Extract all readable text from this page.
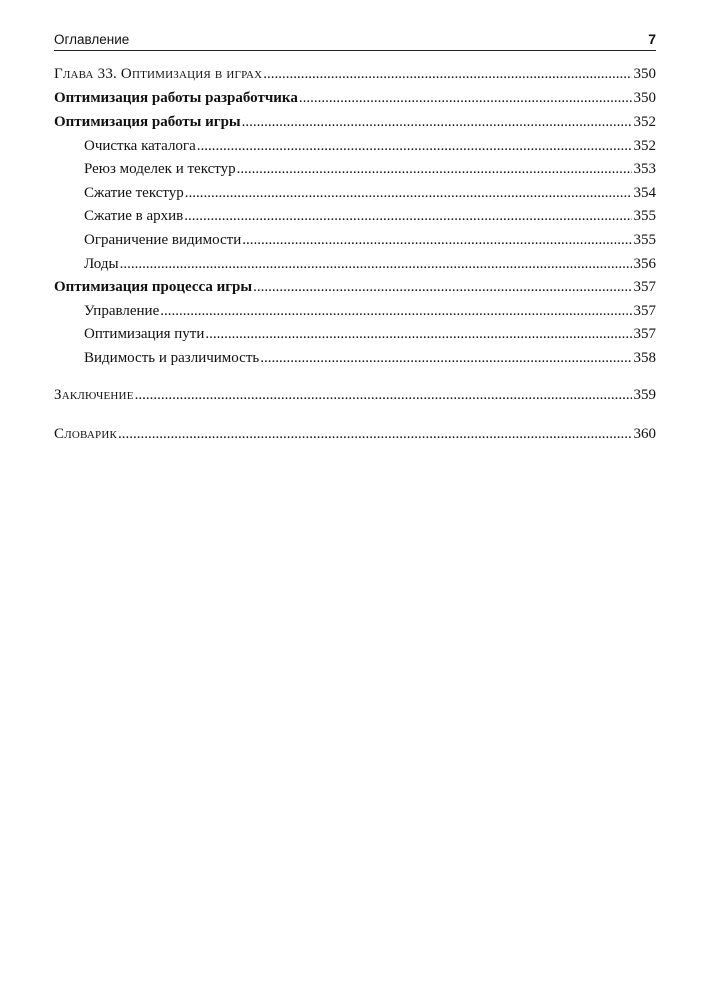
Оглавление	7
Глава 33. Оптимизация в играх .....	350
Оптимизация работы разработчика .....	350
Оптимизация работы игры .....	352
Очистка каталога .....	352
Реюз моделек и текстур .....	353
Сжатие текстур .....	354
Сжатие в архив .....	355
Ограничение видимости .....	355
Лоды .....	356
Оптимизация процесса игры .....	357
Управление .....	357
Оптимизация пути .....	357
Видимость и различимость .....	358
Заключение .....	359
Словарик .....	360
